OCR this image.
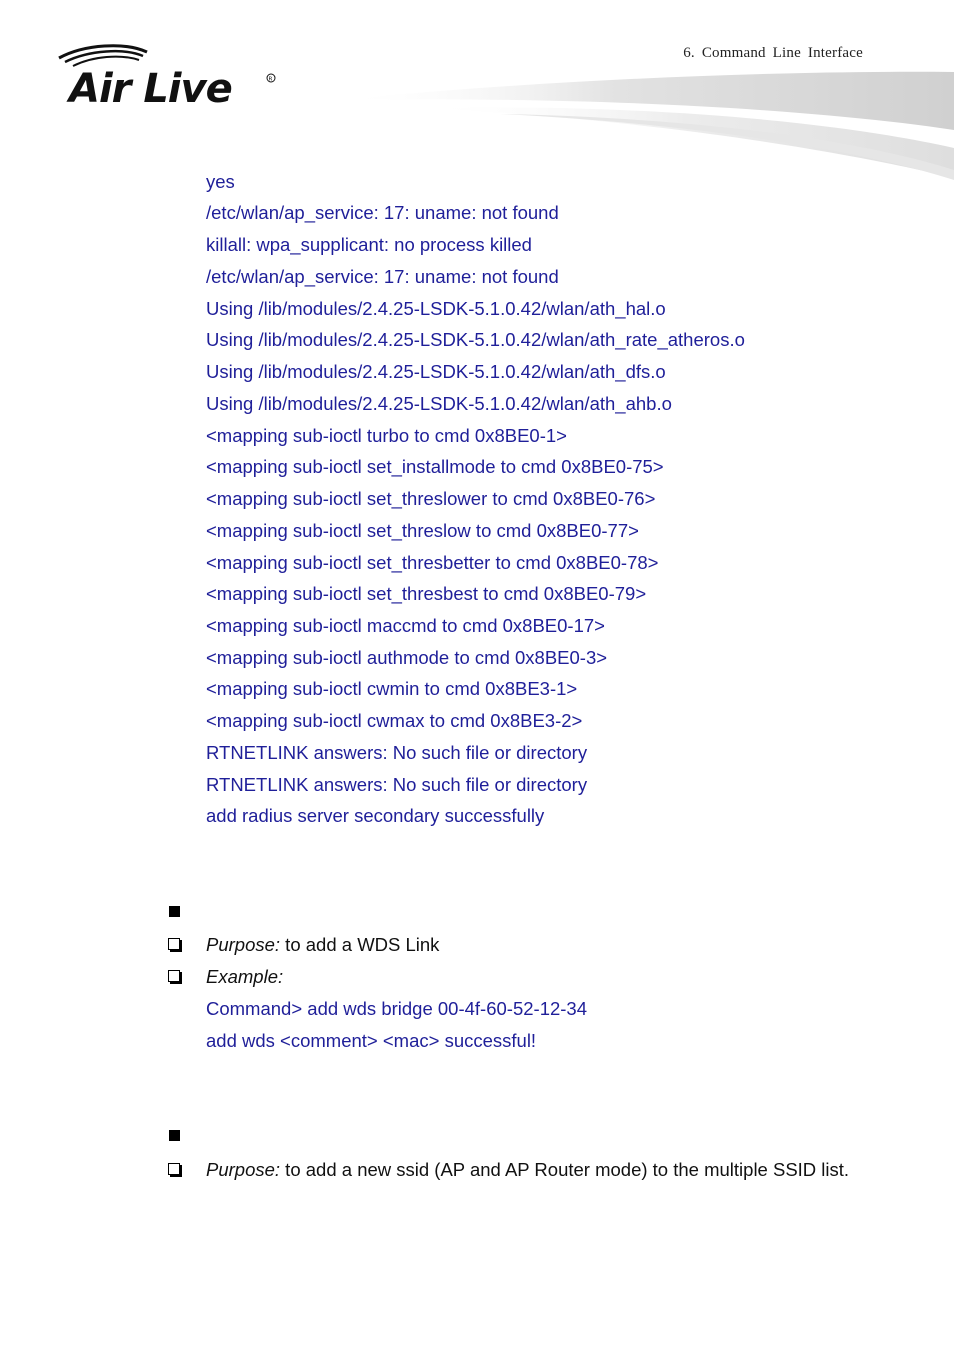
Air Live	R
6. Command Line Interface
yes
/etc/wlan/ap_service: 17: uname: not found
killall: wpa_supplicant: no process killed
/etc/wlan/ap_service: 17: uname: not found
Using /lib/modules/2.4.25-LSDK-5.1.0.42/wlan/ath_hal.o
Using /lib/modules/2.4.25-LSDK-5.1.0.42/wlan/ath_rate_atheros.o
Using /lib/modules/2.4.25-LSDK-5.1.0.42/wlan/ath_dfs.o
Using /lib/modules/2.4.25-LSDK-5.1.0.42/wlan/ath_ahb.o
<mapping sub-ioctl turbo to cmd 0x8BE0-1>
<mapping sub-ioctl set_installmode to cmd 0x8BE0-75>
<mapping sub-ioctl set_threslower to cmd 0x8BE0-76>
<mapping sub-ioctl set_threslow to cmd 0x8BE0-77>
<mapping sub-ioctl set_thresbetter to cmd 0x8BE0-78>
<mapping sub-ioctl set_thresbest to cmd 0x8BE0-79>
<mapping sub-ioctl maccmd to cmd 0x8BE0-17>
<mapping sub-ioctl authmode to cmd 0x8BE0-3>
<mapping sub-ioctl cwmin to cmd 0x8BE3-1>
<mapping sub-ioctl cwmax to cmd 0x8BE3-2>
RTNETLINK answers: No such file or directory
RTNETLINK answers: No such file or directory
add radius server secondary successfully
Purpose: to add a WDS Link
Example:
Command> add wds bridge 00-4f-60-52-12-34
add wds <comment> <mac> successful!
Purpose: to add a new ssid (AP and AP Router mode) to the multiple SSID list.
